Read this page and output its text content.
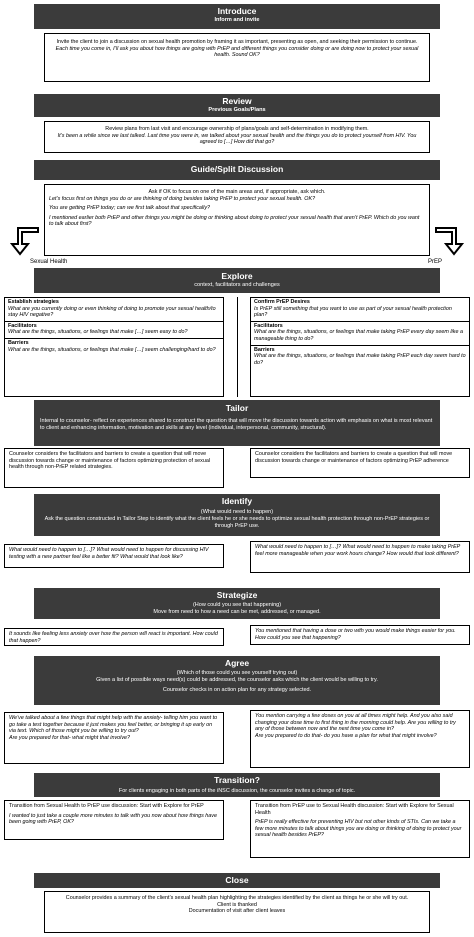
Introduce
Inform and invite
Invite the client to join a discussion on sexual health promotion by framing it as important, presenting as open, and seeking their permission to continue.
Each time you come in, I’ll ask you about how things are going with PrEP and different things you consider doing or are doing now to protect your sexual health. Sound OK?
Review
Previous Goals/Plans
Review plans from last visit and encourage ownership of plans/goals and self-determination in modifying them.
It’s been a while since we last talked. Last time you were in, we talked about your sexual health and the things you do to protect yourself from HIV. You agreed to […] How did that go?
Guide/Split Discussion
Ask if OK to focus on one of the main areas and, if appropriate, ask which.
Let’s focus first on things you do or are thinking of doing besides taking PrEP to protect your sexual health. OK?
You are getting PrEP today; can we first talk about that specifically?
I mentioned earlier both PrEP and other things you might be doing or thinking about doing to protect your sexual health that aren’t PrEP. Which do you want to talk about first?
Sexual Health	PrEP
Explore
context, facilitators and challenges
Establish strategies
What are you currently doing or even thinking of doing to promote your sexual health/to stay HIV negative?
Facilitators
What are the things, situations, or feelings that make […] seem easy to do?
Barriers
What are the things, situations, or feelings that make […] seem challenging/hard to do?
Confirm PrEP Desires
Is PrEP still something that you want to use as part of your sexual health protection plan?
Facilitators
What are the things, situations, or feelings that make taking PrEP every day seem like a manageable thing to do?
Barriers
What are the things, situations, or feelings that make taking PrEP each day seem hard to do?
Tailor
Internal to counselor- reflect on experiences shared to construct the question that will move the discussion towards action with emphasis on what is most relevant to client and enhancing information, motivation and skills at any level (individual, interpersonal, community, structural).
Counselor considers the facilitators and barriers to create a question that will move discussion towards change or maintenance of factors optimizing protection of sexual health through non-PrEP related strategies.
Counselor considers the facilitators and barriers to create a question that will move discussion towards change or maintenance of factors optimizing PrEP adherence
Identify
(What would need to happen)
Ask the question constructed in Tailor Step to identify what the client feels he or she needs to optimize sexual health protection through non-PrEP strategies or through PrEP use.
What would need to happen to […]? What would need to happen for discussing HIV testing with a new partner feel like a better fit? What would that look like?
What would need to happen to […]? What would need to happen to make taking PrEP feel more manageable when your work hours change? How would that look different?
Strategize
(How could you see that happening)
Move from need to how a need can be met, addressed, or managed.
It sounds like feeling less anxiety over how the person will react is important. How could that happen?
You mentioned that having a dose or two with you would make things easier for you. How could you see that happening?
Agree
(Which of those could you see yourself trying out)
Given a list of possible ways need(s) could be addressed, the counselor asks which the client would be willing to try.
Counselor checks in on action plan for any strategy selected.
We’ve talked about a few things that might help with the anxiety- telling him you want to go take a test together because it just makes you feel better, or bringing it up early on via text. Which of those might you be willing to try out?
Are you prepared for that- what might that involve?
You mention carrying a few doses on you at all times might help. And you also said changing your dose time to first thing in the morning could help. Are you willing to try any of those between now and the next time you come in?
Are you prepared to do that- do you have a plan for what that might involve?
Transition?
For clients engaging in both parts of the iNSC discussion, the counselor invites a change of topic.
Transition from Sexual Health to PrEP use discussion: Start with Explore for PrEP
I wanted to just take a couple more minutes to talk with you now about how things have been going with PrEP, OK?
Transition from PrEP use to Sexual Health discussion: Start with Explore for Sexual Health
PrEP is really effective for preventing HIV but not other kinds of STIs. Can we take a few more minutes to talk about things you are doing or thinking of doing to protect your sexual health besides PrEP?
Close
Counselor provides a summary of the client’s sexual health plan highlighting the strategies identified by the client as things he or she will try out.
Client is thanked
Documentation of visit after client leaves
